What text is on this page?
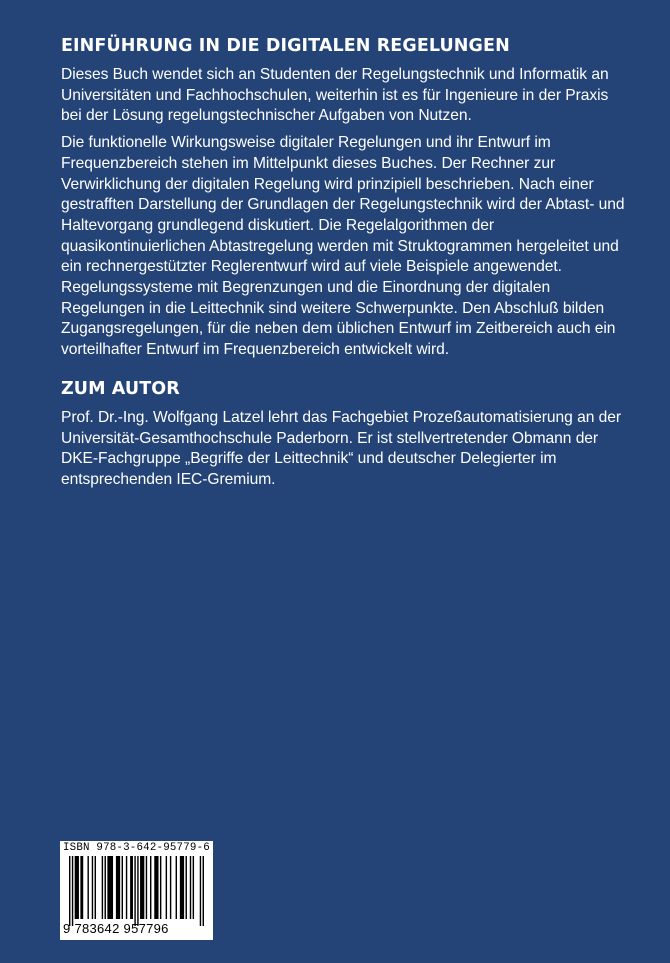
EINFÜHRUNG IN DIE DIGITALEN REGELUNGEN

Dieses Buch wendet sich an Studenten der Regelungstechnik und Informatik an Universitäten und Fachhochschulen, weiterhin ist es für Ingenieure in der Praxis bei der Lösung regelungstechnischer Aufgaben von Nutzen.

Die funktionelle Wirkungsweise digitaler Regelungen und ihr Entwurf im Frequenzbereich stehen im Mittelpunkt dieses Buches. Der Rechner zur Verwirklichung der digitalen Regelung wird prinzipiell beschrieben. Nach einer gestrafften Darstellung der Grundlagen der Regelungstechnik wird der Abtast- und Haltevorgang grundlegend diskutiert. Die Regelalgorithmen der quasikontinuierlichen Abtastregelung werden mit Struktogrammen hergeleitet und ein rechnergestützter Reglerentwurf wird auf viele Beispiele angewendet. Regelungssysteme mit Begrenzungen und die Einordnung der digitalen Regelungen in die Leittechnik sind weitere Schwerpunkte. Den Abschluß bilden Zugangsregelungen, für die neben dem üblichen Entwurf im Zeitbereich auch ein vorteilhafter Entwurf im Frequenzbereich entwickelt wird.

ZUM AUTOR

Prof. Dr.-Ing. Wolfgang Latzel lehrt das Fachgebiet Prozeßautomatisierung an der Universität-Gesamthochschule Paderborn. Er ist stellvertretender Obmann der DKE-Fachgruppe „Begriffe der Leittechnik“ und deutscher Delegierter im entsprechenden IEC-Gremium.

ISBN 978-3-642-95779-6
9 783642 957796
